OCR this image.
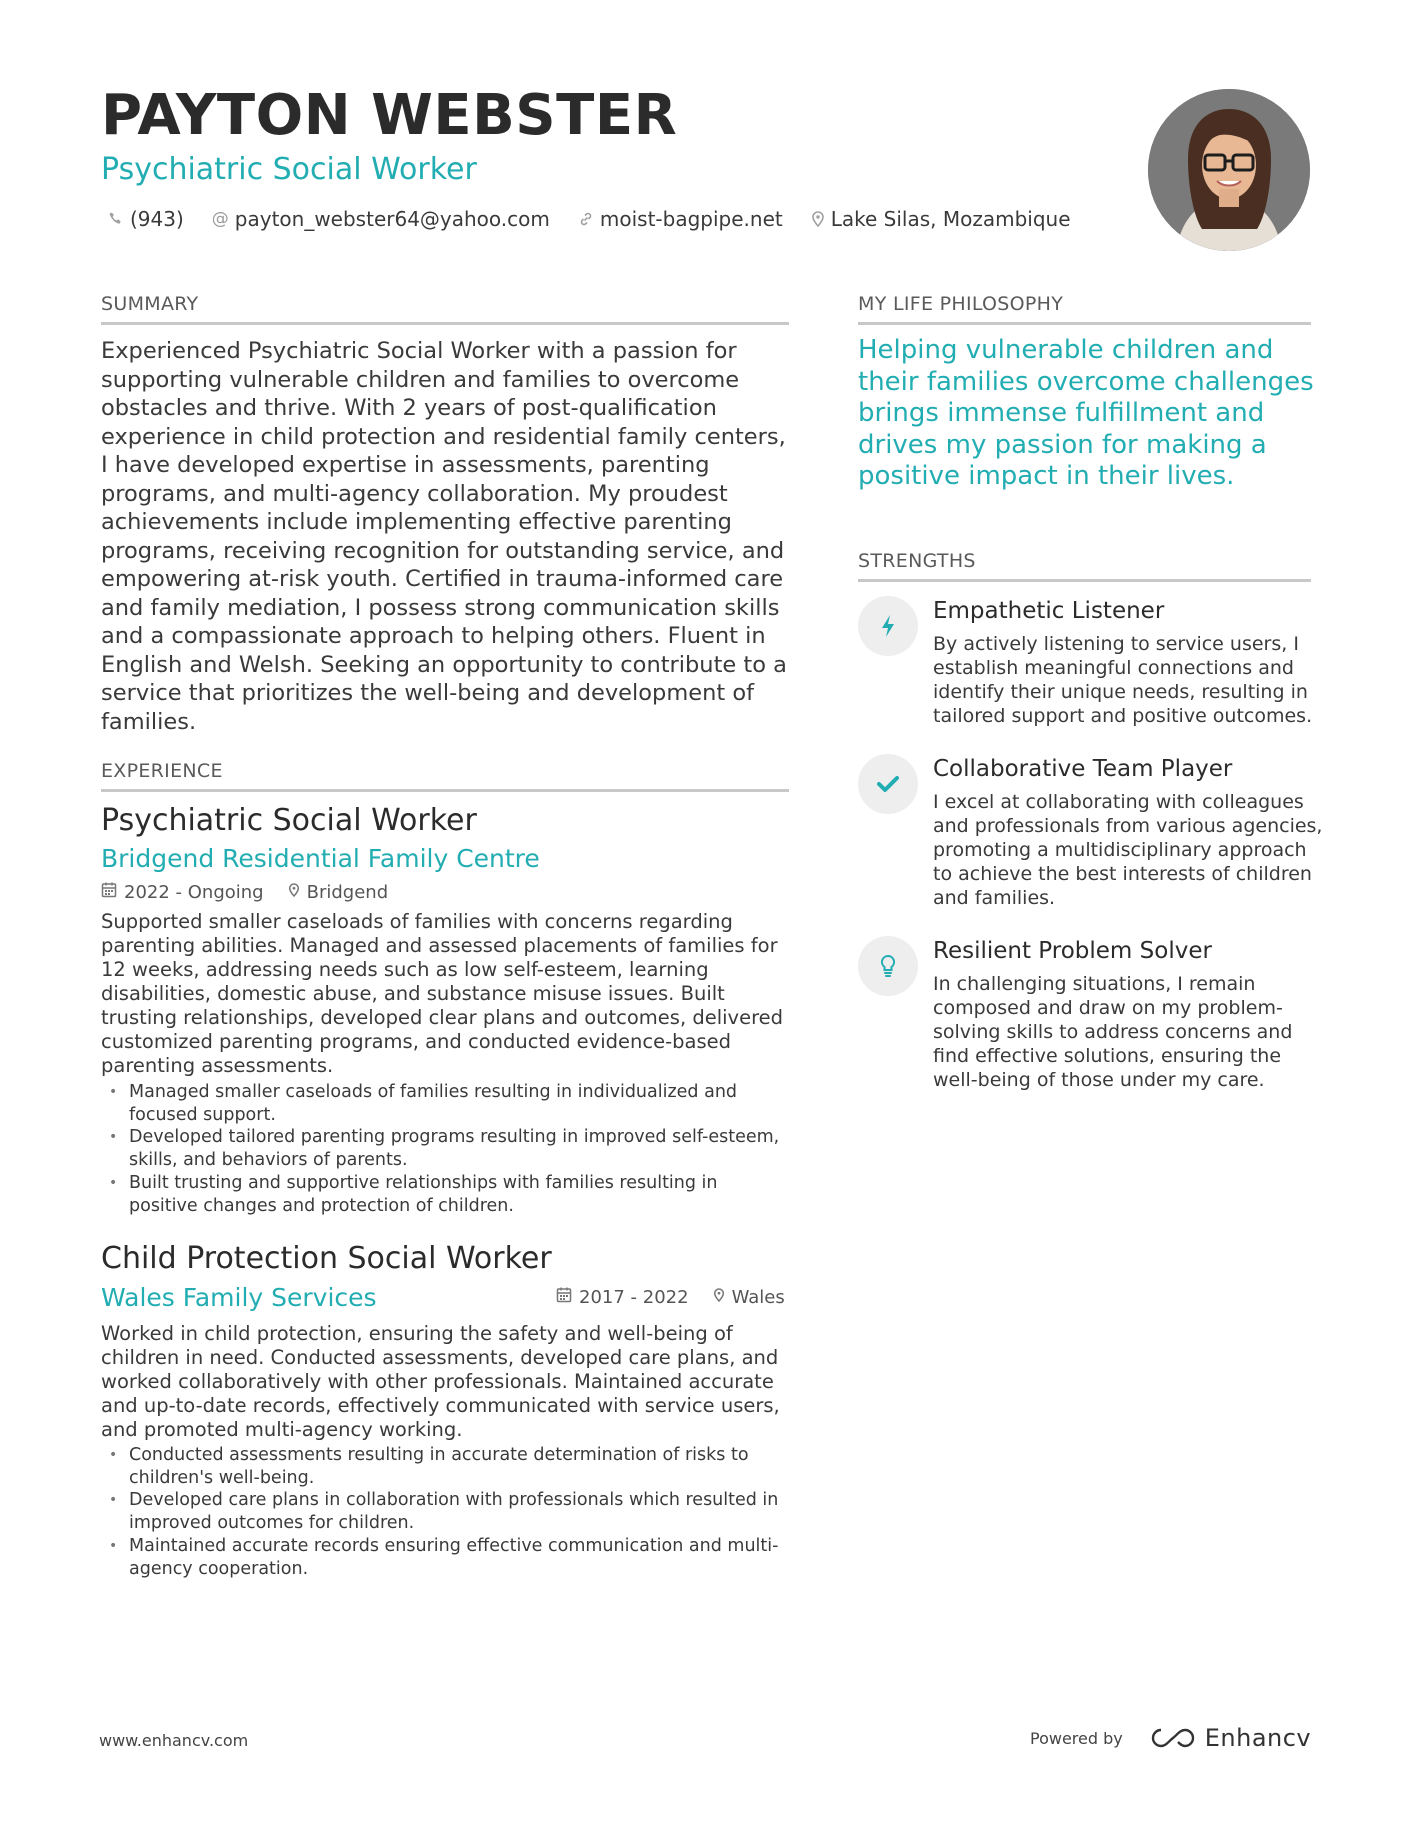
PAYTON WEBSTER
Psychiatric Social Worker
(943) @ payton_webster64@yahoo.com	moist-bagpipe.net Lake Silas, Mozambique
SUMMARY

Experienced Psychiatric Social Worker with a passion for supporting vulnerable children and families to overcome obstacles and thrive. With 2 years of post-qualification experience in child protection and residential family centers, I have developed expertise in assessments, parenting programs, and multi-agency collaboration. My proudest achievements include implementing effective parenting programs, receiving recognition for outstanding service, and empowering at-risk youth. Certified in trauma-informed care and family mediation, I possess strong communication skills and a compassionate approach to helping others. Fluent in English and Welsh. Seeking an opportunity to contribute to a service that prioritizes the well-being and development of families.

EXPERIENCE
Psychiatric Social Worker
Bridgend Residential Family Centre
2022 - Ongoing Bridgend

Supported smaller caseloads of families with concerns regarding parenting abilities. Managed and assessed placements of families for 12 weeks, addressing needs such as low self-esteem, learning disabilities, domestic abuse, and substance misuse issues. Built trusting relationships, developed clear plans and outcomes, delivered customized parenting programs, and conducted evidence-based parenting assessments.

• Managed smaller caseloads of families resulting in individualized and focused support.
• Developed tailored parenting programs resulting in improved self-esteem, skills, and behaviors of parents.
• Built trusting and supportive relationships with families resulting in positive changes and protection of children.
Child Protection Social Worker
Wales Family Services	2017 - 2022 Wales

Worked in child protection, ensuring the safety and well-being of children in need. Conducted assessments, developed care plans, and worked collaboratively with other professionals. Maintained accurate and up-to-date records, effectively communicated with service users, and promoted multi-agency working.

• Conducted assessments resulting in accurate determination of risks to children's well-being.
• Developed care plans in collaboration with professionals which resulted in improved outcomes for children.
• Maintained accurate records ensuring effective communication and multi-agency cooperation.
MY LIFE PHILOSOPHY

Helping vulnerable children and their families overcome challenges brings immense fulfillment and drives my passion for making a positive impact in their lives.

STRENGTHS
Empathetic Listener

By actively listening to service users, I establish meaningful connections and identify their unique needs, resulting in tailored support and positive outcomes.

Collaborative Team Player

I excel at collaborating with colleagues and professionals from various agencies, promoting a multidisciplinary approach to achieve the best interests of children and families.

Resilient Problem Solver

In challenging situations, I remain composed and draw on my problem-solving skills to address concerns and find effective solutions, ensuring the well-being of those under my care.

www.enhancv.com	Powered by	Enhancv
